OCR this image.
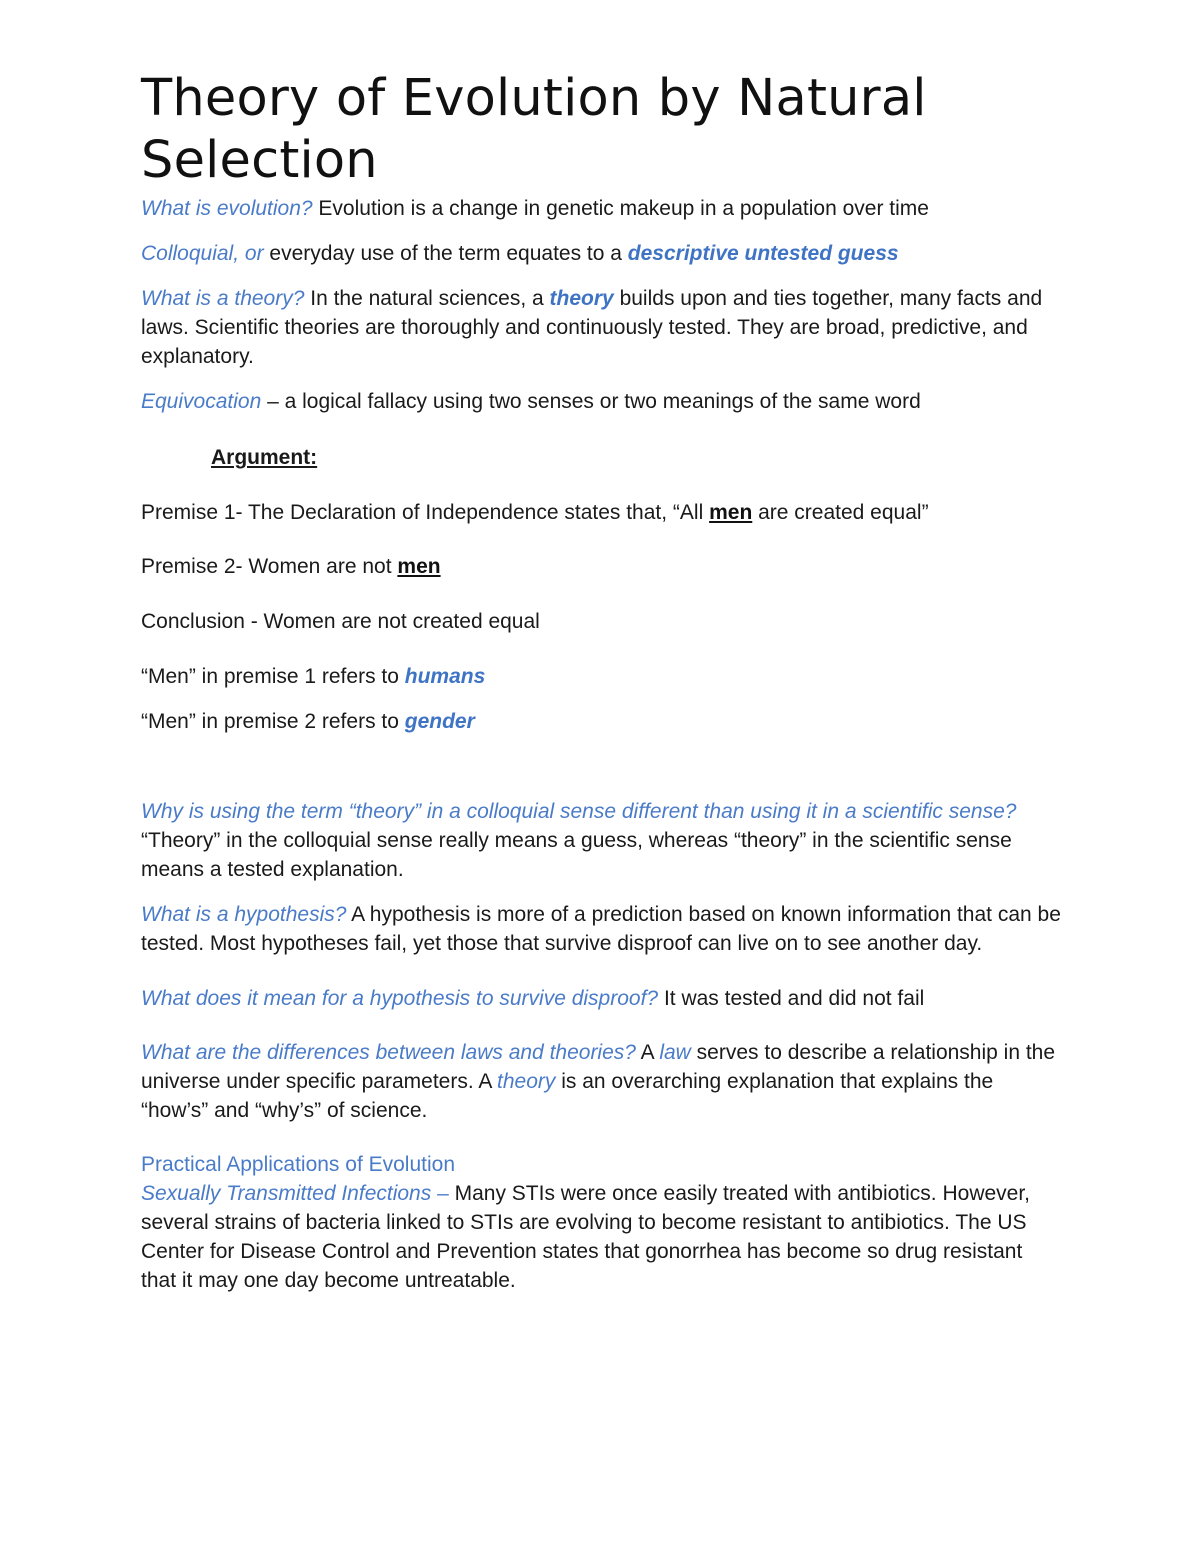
Theory of Evolution by Natural Selection

What is evolution? Evolution is a change in genetic makeup in a population over time

Colloquial, or everyday use of the term equates to a descriptive untested guess

What is a theory? In the natural sciences, a theory builds upon and ties together, many facts and laws. Scientific theories are thoroughly and continuously tested. They are broad, predictive, and explanatory.

Equivocation – a logical fallacy using two senses or two meanings of the same word

Argument:

Premise 1- The Declaration of Independence states that, “All men are created equal”

Premise 2- Women are not men

Conclusion - Women are not created equal

“Men” in premise 1 refers to humans

“Men” in premise 2 refers to gender

Why is using the term “theory” in a colloquial sense different than using it in a scientific sense? “Theory” in the colloquial sense really means a guess, whereas “theory” in the scientific sense means a tested explanation.

What is a hypothesis? A hypothesis is more of a prediction based on known information that can be tested. Most hypotheses fail, yet those that survive disproof can live on to see another day.

What does it mean for a hypothesis to survive disproof? It was tested and did not fail

What are the differences between laws and theories? A law serves to describe a relationship in the universe under specific parameters. A theory is an overarching explanation that explains the “how’s” and “why’s” of science.

Practical Applications of Evolution

Sexually Transmitted Infections – Many STIs were once easily treated with antibiotics. However, several strains of bacteria linked to STIs are evolving to become resistant to antibiotics. The US Center for Disease Control and Prevention states that gonorrhea has become so drug resistant that it may one day become untreatable.
